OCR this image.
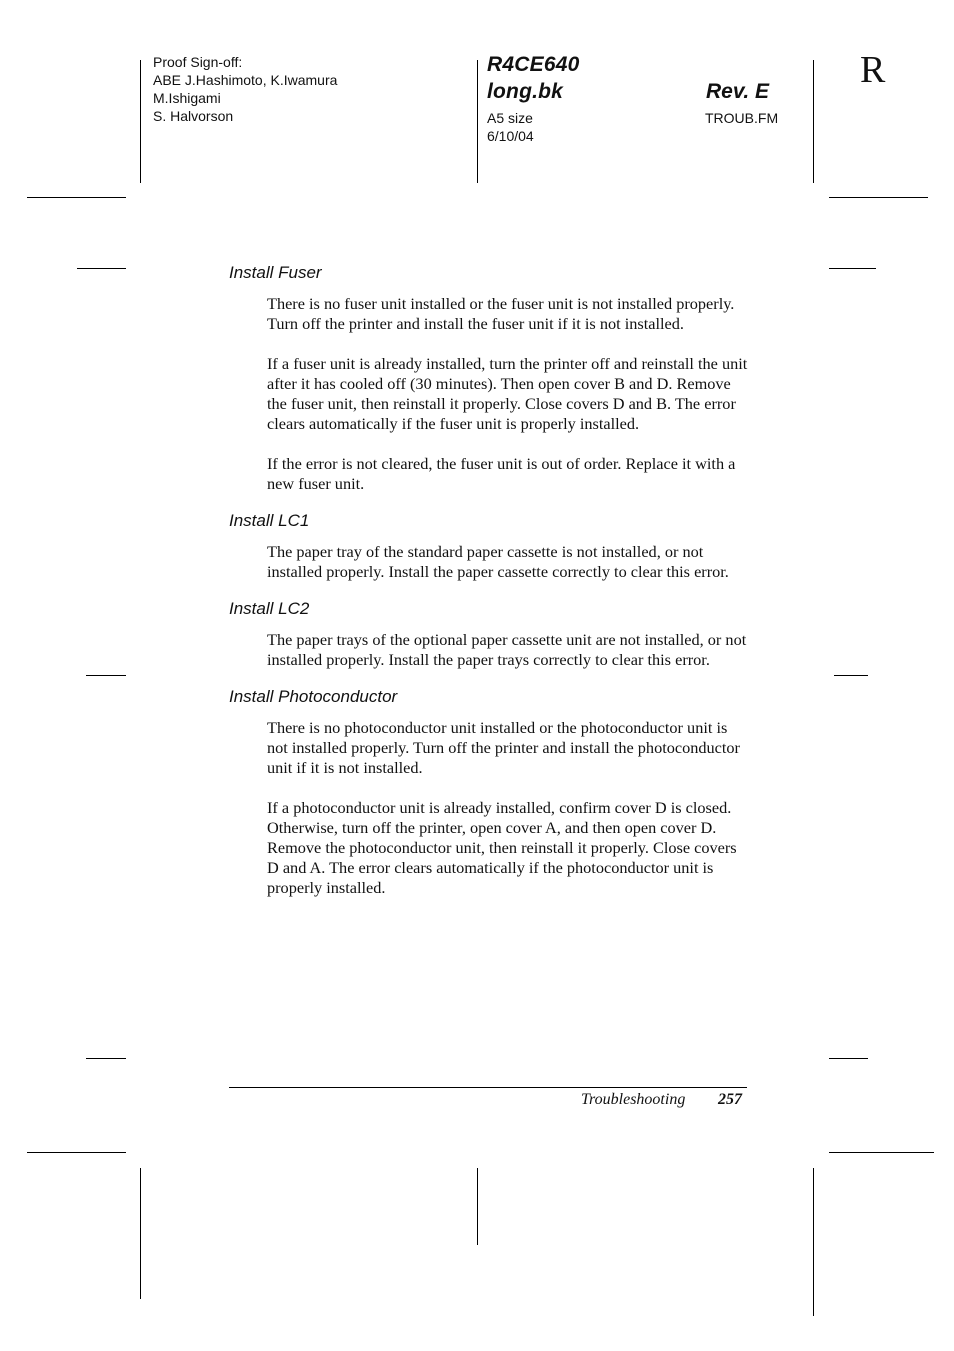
Proof Sign-off:
ABE J.Hashimoto, K.Iwamura
M.Ishigami
S. Halvorson
R4CE640
long.bk	Rev. E
A5 size
6/10/04
TROUB.FM
R

Install Fuser

There is no fuser unit installed or the fuser unit is not installed properly. Turn off the printer and install the fuser unit if it is not installed.

If a fuser unit is already installed, turn the printer off and reinstall the unit after it has cooled off (30 minutes). Then open cover B and D. Remove the fuser unit, then reinstall it properly. Close covers D and B. The error clears automatically if the fuser unit is properly installed.

If the error is not cleared, the fuser unit is out of order. Replace it with a new fuser unit.

Install LC1

The paper tray of the standard paper cassette is not installed, or not installed properly. Install the paper cassette correctly to clear this error.

Install LC2

The paper trays of the optional paper cassette unit are not installed, or not installed properly. Install the paper trays correctly to clear this error.

Install Photoconductor

There is no photoconductor unit installed or the photoconductor unit is not installed properly. Turn off the printer and install the photoconductor unit if it is not installed.

If a photoconductor unit is already installed, confirm cover D is closed. Otherwise, turn off the printer, open cover A, and then open cover D. Remove the photoconductor unit, then reinstall it properly. Close covers D and A. The error clears automatically if the photoconductor unit is properly installed.

Troubleshooting 257
